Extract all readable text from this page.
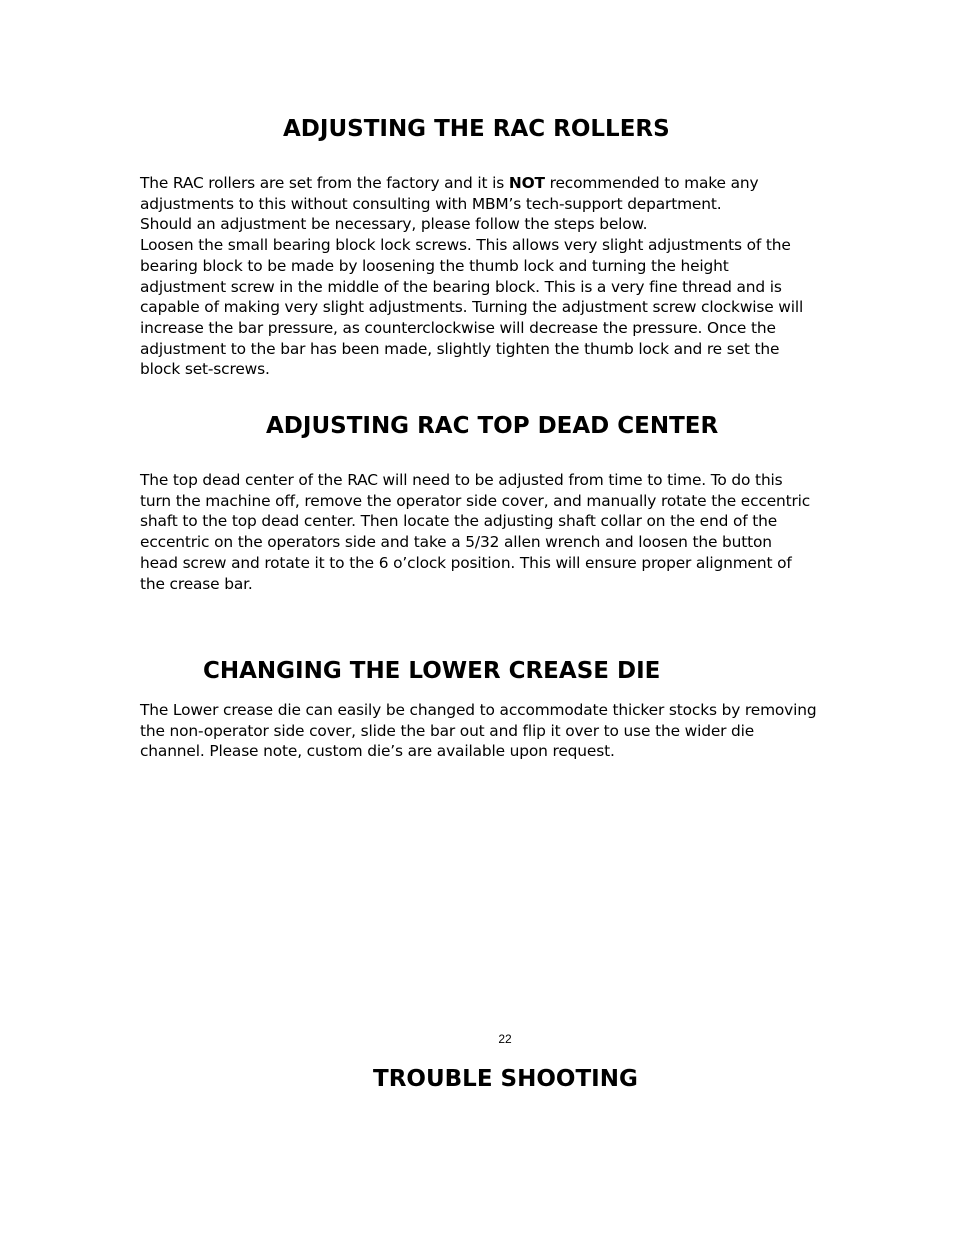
ADJUSTING THE RAC ROLLERS
The RAC rollers are set from the factory and it is NOT recommended to make any
adjustments to this without consulting with MBM’s tech-support department.
Should an adjustment be necessary, please follow the steps below.
Loosen the small bearing block lock screws. This allows very slight adjustments of the
bearing block to be made by loosening the thumb lock and turning the height
adjustment screw in the middle of the bearing block. This is a very fine thread and is
capable of making very slight adjustments. Turning the adjustment screw clockwise will
increase the bar pressure, as counterclockwise will decrease the pressure. Once the
adjustment to the bar has been made, slightly tighten the thumb lock and re set the
block set-screws.
ADJUSTING RAC TOP DEAD CENTER
The top dead center of the RAC will need to be adjusted from time to time. To do this
turn the machine off, remove the operator side cover, and manually rotate the eccentric
shaft to the top dead center. Then locate the adjusting shaft collar on the end of the
eccentric on the operators side and take a 5/32 allen wrench and loosen the button
head screw and rotate it to the 6 o’clock position. This will ensure proper alignment of
the crease bar.
CHANGING THE LOWER CREASE DIE
The Lower crease die can easily be changed to accommodate thicker stocks by removing
the non-operator side cover, slide the bar out and flip it over to use the wider die
channel. Please note, custom die’s are available upon request.
22
TROUBLE SHOOTING
